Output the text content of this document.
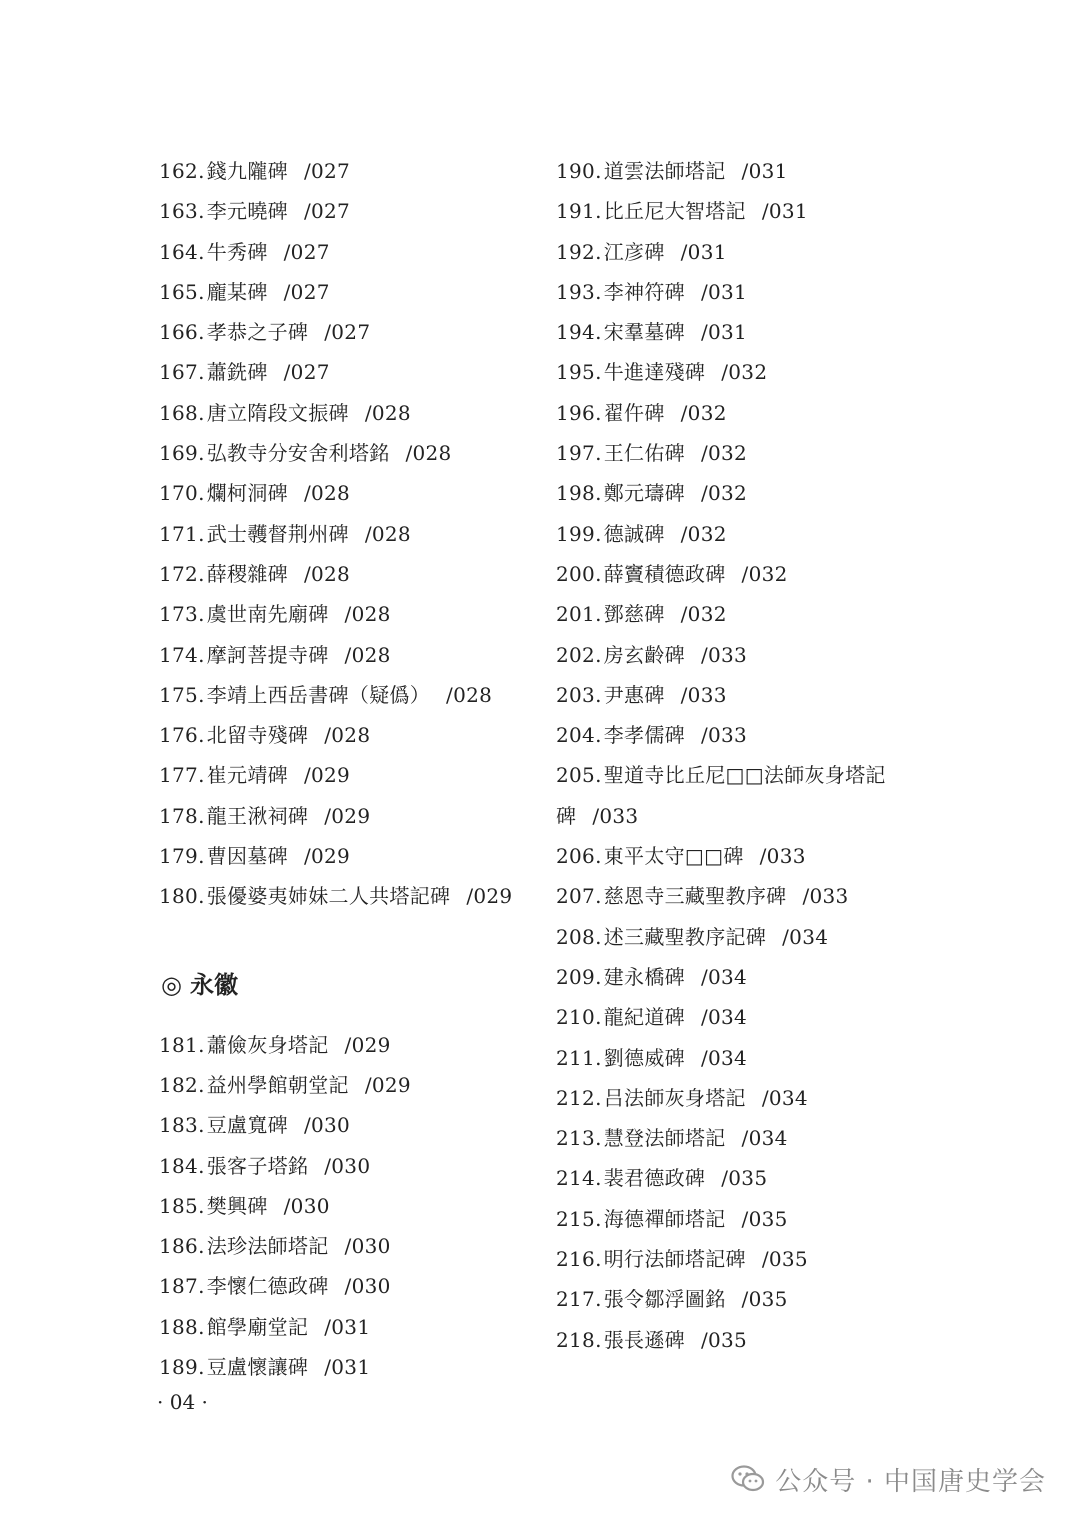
162. 錢九隴碑 /027
163. 李元曉碑 /027
164. 牛秀碑 /027
165. 龐某碑 /027
166. 孝恭之子碑 /027
167. 蕭銑碑 /027
168. 唐立隋段文振碑 /028
169. 弘教寺分安舍利塔銘 /028
170. 爛柯洞碑 /028
171. 武士彠督荆州碑 /028
172. 薛稷雜碑 /028
173. 虞世南先廟碑 /028
174. 摩訶菩提寺碑 /028
175. 李靖上西岳書碑（疑僞） /028
176. 北留寺殘碑 /028
177. 崔元靖碑 /029
178. 龍王湫祠碑 /029
179. 曹因墓碑 /029
180. 張優婆夷姉妹二人共塔記碑 /029
◎ 永徽
181. 蕭儉灰身塔記 /029
182. 益州學館朝堂記 /029
183. 豆盧寬碑 /030
184. 張客子塔銘 /030
185. 樊興碑 /030
186. 法珍法師塔記 /030
187. 李懷仁德政碑 /030
188. 館學廟堂記 /031
189. 豆盧懷讓碑 /031
190. 道雲法師塔記 /031
191. 比丘尼大智塔記 /031
192. 江彦碑 /031
193. 李神符碑 /031
194. 宋羣墓碑 /031
195. 牛進達殘碑 /032
196. 翟仵碑 /032
197. 王仁佑碑 /032
198. 鄭元璹碑 /032
199. 德誠碑 /032
200. 薛竇積德政碑 /032
201. 鄧慈碑 /032
202. 房玄齡碑 /033
203. 尹惠碑 /033
204. 李孝儒碑 /033
205. 聖道寺比丘尼□□法師灰身塔記
碑 /033
206. 東平太守□□碑 /033
207. 慈恩寺三藏聖教序碑 /033
208. 述三藏聖教序記碑 /034
209. 建永橋碑 /034
210. 龍紀道碑 /034
211. 劉德威碑 /034
212. 吕法師灰身塔記 /034
213. 慧登法師塔記 /034
214. 裴君德政碑 /035
215. 海德禪師塔記 /035
216. 明行法師塔記碑 /035
217. 張令鄒浮圖銘 /035
218. 張長遜碑 /035
· 04 ·
公众号 · 中国唐史学会
